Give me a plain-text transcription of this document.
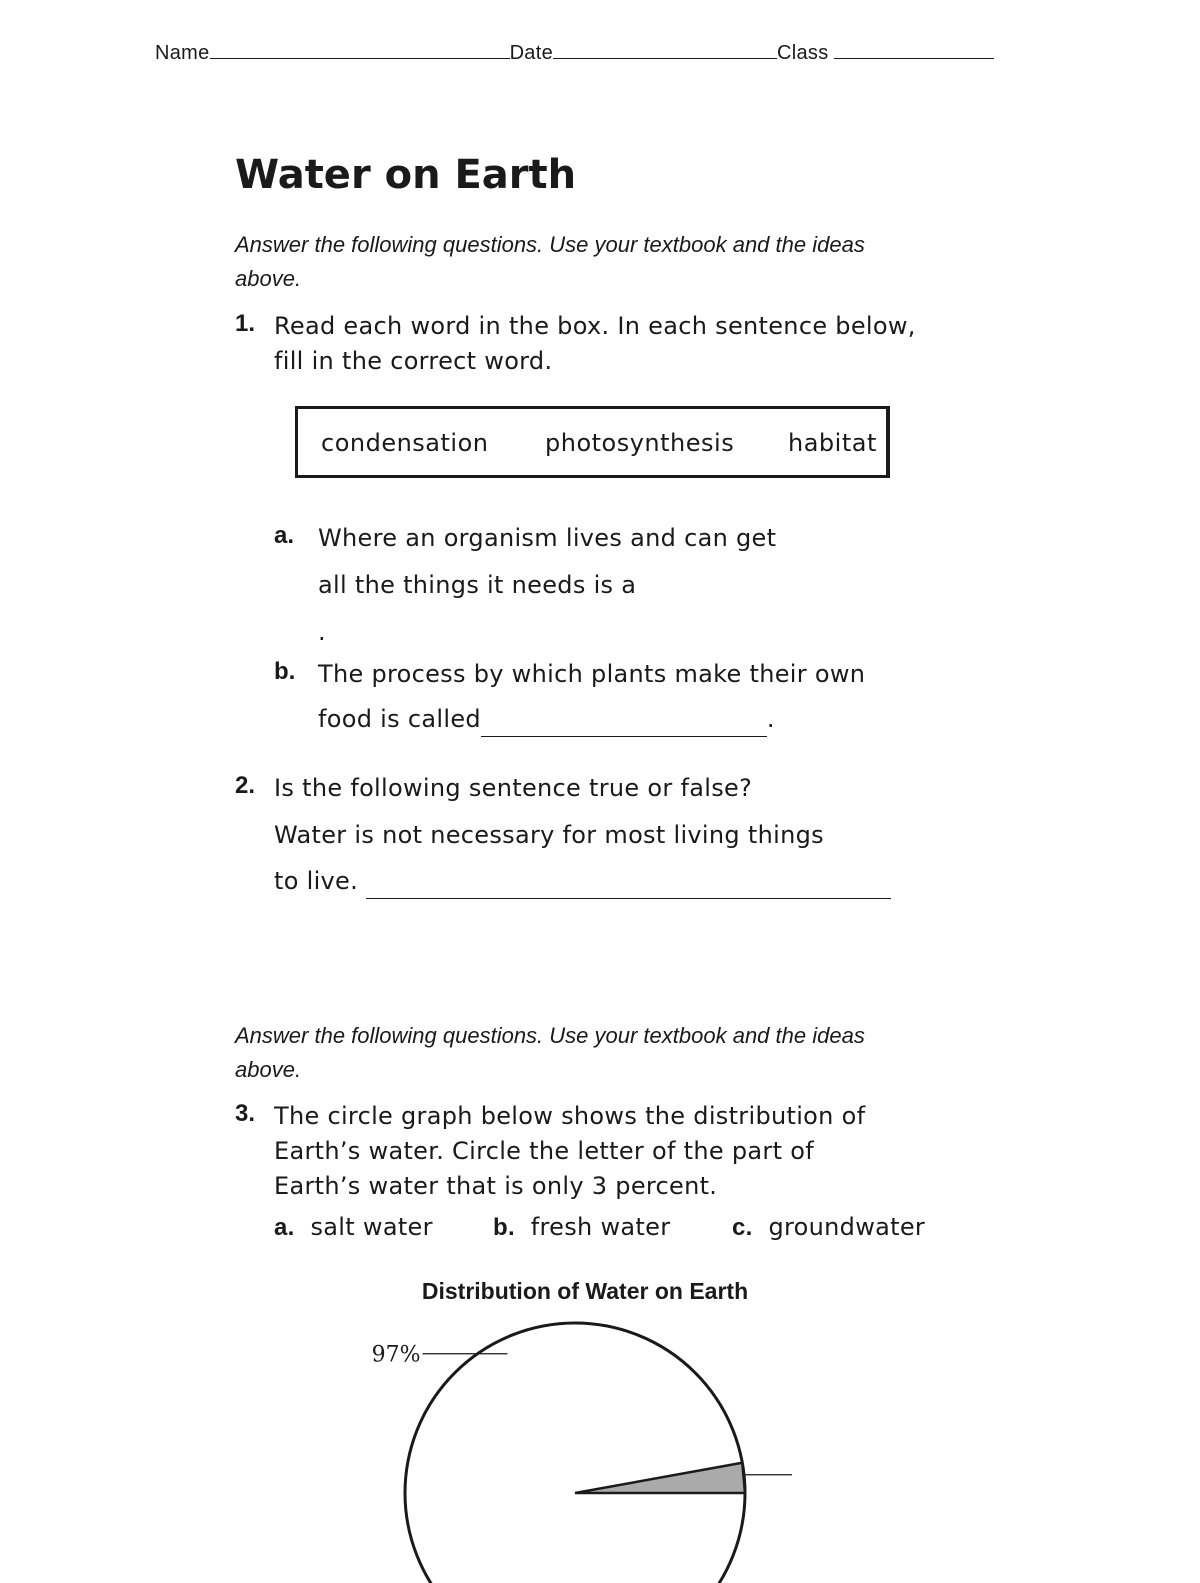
Name	Date	Class
Water on Earth
Answer the following questions. Use your textbook and the ideas above.
1. Read each word in the box. In each sentence below, fill in the correct word.
condensation photosynthesis habitat
a. Where an organism lives and can get
all the things it needs is a
.
b. The process by which plants make their own
food is called	.
2. Is the following sentence true or false?
Water is not necessary for most living things
to live.
Answer the following questions. Use your textbook and the ideas above.
3. The circle graph below shows the distribution of
Earth’s water. Circle the letter of the part of
Earth’s water that is only 3 percent.
a. salt water	b. fresh water	c. groundwater
Distribution of Water on Earth
97%
